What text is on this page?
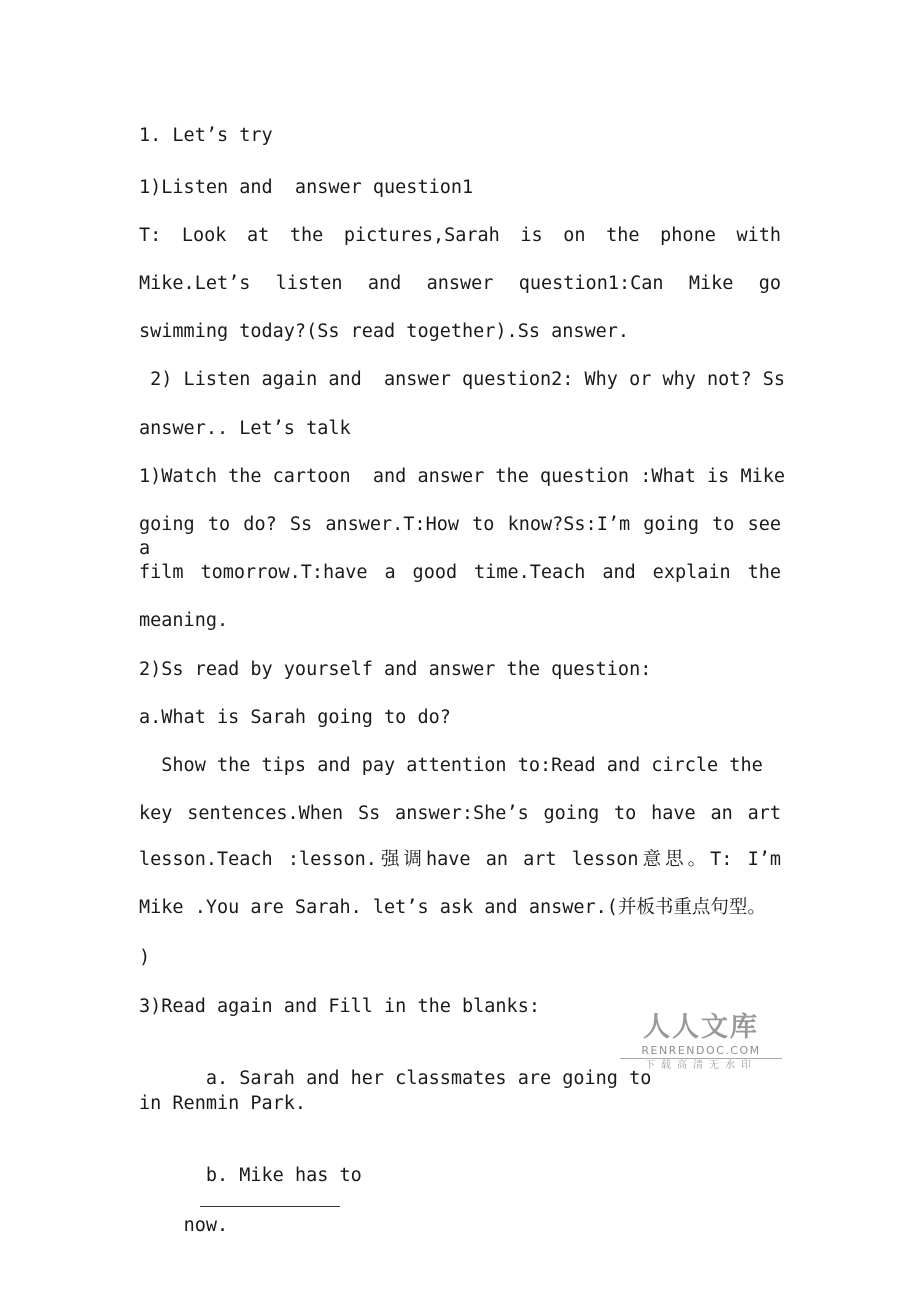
1. Let’s try
1)Listen and  answer question1
T: Look at the pictures,Sarah is on the phone with
Mike.Let’s listen and answer question1:Can Mike go
swimming today?(Ss read together).Ss answer.
2) Listen again and  answer question2: Why or why not? Ss
answer.. Let’s talk
1)Watch the cartoon  and answer the question :What is Mike
going to do? Ss answer.T:How to know?Ss:I’m going to see a
film tomorrow.T:have a good time.Teach and explain the
meaning.
2)Ss read by yourself and answer the question:
a.What is Sarah going to do?
Show the tips and pay attention to:Read and circle the
key sentences.When Ss answer:She’s going to have an art
lesson.Teach :lesson.强调have an art lesson意思。T: I’m
Mike .You are Sarah. let’s ask and answer.(并板书重点句型。
)
3)Read again and Fill in the blanks:

a. Sarah and her classmates are going to

in Renmin Park.

b. Mike has to

now.

人人文库
RENRENDOC.COM
下载高清无水印
